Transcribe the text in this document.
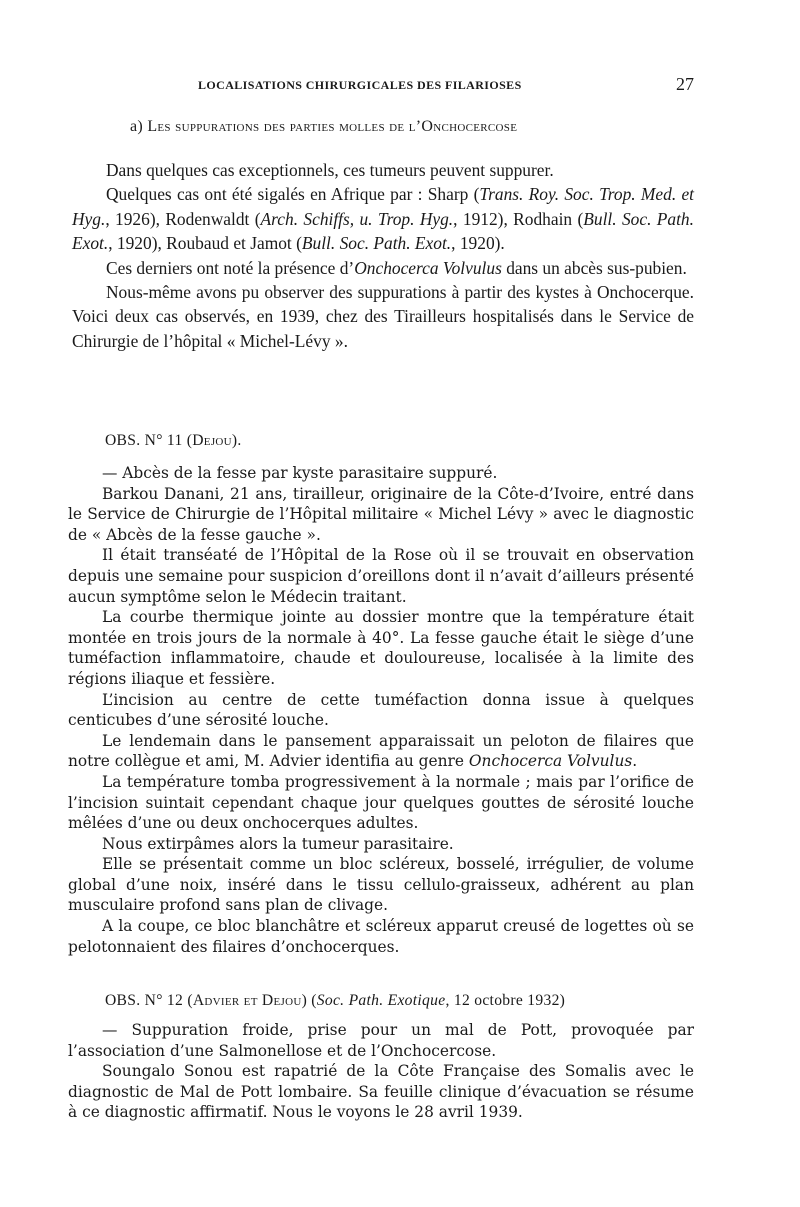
LOCALISATIONS CHIRURGICALES DES FILARIOSES	27
a) Les suppurations des parties molles de l’Onchocercose

Dans quelques cas exceptionnels, ces tumeurs peuvent suppurer.

Quelques cas ont été sigalés en Afrique par : Sharp (Trans. Roy. Soc. Trop. Med. et Hyg., 1926), Rodenwaldt (Arch. Schiffs, u. Trop. Hyg., 1912), Rodhain (Bull. Soc. Path. Exot., 1920), Roubaud et Jamot (Bull. Soc. Path. Exot., 1920).

Ces derniers ont noté la présence d’Onchocerca Volvulus dans un abcès sus-pubien.

Nous-même avons pu observer des suppurations à partir des kystes à Onchocerque. Voici deux cas observés, en 1939, chez des Tirailleurs hospitalisés dans le Service de Chirurgie de l’hôpital « Michel-Lévy ».

OBS. N° 11 (Dejou).

— Abcès de la fesse par kyste parasitaire suppuré.

Barkou Danani, 21 ans, tirailleur, originaire de la Côte-d’Ivoire, entré dans le Service de Chirurgie de l’Hôpital militaire « Michel Lévy » avec le diagnostic de « Abcès de la fesse gauche ».

Il était transéaté de l’Hôpital de la Rose où il se trouvait en observation depuis une semaine pour suspicion d’oreillons dont il n’avait d’ailleurs présenté aucun symptôme selon le Médecin traitant.

La courbe thermique jointe au dossier montre que la température était montée en trois jours de la normale à 40°. La fesse gauche était le siège d’une tuméfaction inflammatoire, chaude et douloureuse, localisée à la limite des régions iliaque et fessière.

L’incision au centre de cette tuméfaction donna issue à quelques centicubes d’une sérosité louche.

Le lendemain dans le pansement apparaissait un peloton de filaires que notre collègue et ami, M. Advier identifia au genre Onchocerca Volvulus.

La température tomba progressivement à la normale ; mais par l’orifice de l’incision suintait cependant chaque jour quelques gouttes de sérosité louche mêlées d’une ou deux onchocerques adultes.

Nous extirpâmes alors la tumeur parasitaire.

Elle se présentait comme un bloc scléreux, bosselé, irrégulier, de volume global d’une noix, inséré dans le tissu cellulo-graisseux, adhérent au plan musculaire profond sans plan de clivage.

A la coupe, ce bloc blanchâtre et scléreux apparut creusé de logettes où se pelotonnaient des filaires d’onchocerques.

OBS. N° 12 (Advier et Dejou) (Soc. Path. Exotique, 12 octobre 1932)

— Suppuration froide, prise pour un mal de Pott, provoquée par l’association d’une Salmonellose et de l’Onchocercose.

Soungalo Sonou est rapatrié de la Côte Française des Somalis avec le diagnostic de Mal de Pott lombaire. Sa feuille clinique d’évacuation se résume à ce diagnostic affirmatif. Nous le voyons le 28 avril 1939.
